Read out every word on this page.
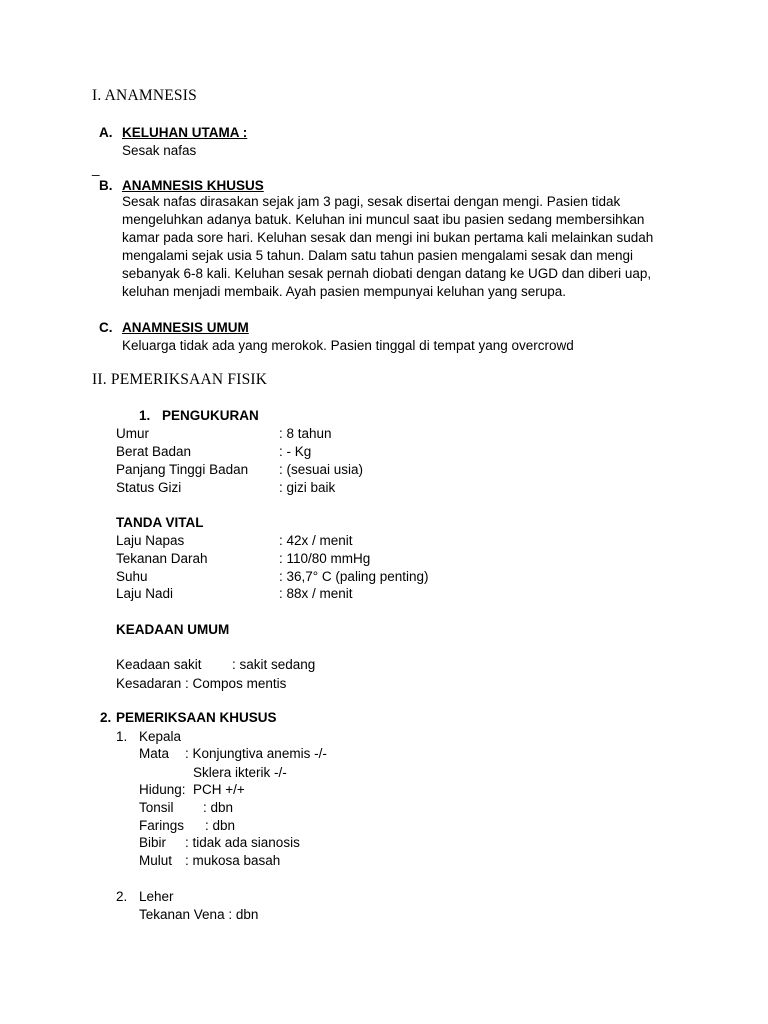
I. ANAMNESIS
A. KELUHAN UTAMA :
Sesak nafas
_
B. ANAMNESIS KHUSUS
Sesak nafas dirasakan sejak jam 3 pagi, sesak disertai dengan mengi. Pasien tidak
mengeluhkan adanya batuk. Keluhan ini muncul saat ibu pasien sedang membersihkan
kamar pada sore hari. Keluhan sesak dan mengi ini bukan pertama kali melainkan sudah
mengalami sejak usia 5 tahun. Dalam satu tahun pasien mengalami sesak dan mengi
sebanyak 6-8 kali. Keluhan sesak pernah diobati dengan datang ke UGD dan diberi uap,
keluhan menjadi membaik. Ayah pasien mempunyai keluhan yang serupa.
C. ANAMNESIS UMUM
Keluarga tidak ada yang merokok. Pasien tinggal di tempat yang overcrowd
II. PEMERIKSAAN FISIK
1. PENGUKURAN
Umur	: 8 tahun
Berat Badan	: - Kg
Panjang Tinggi Badan : (sesuai usia)
Status Gizi	: gizi baik
TANDA VITAL
Laju Napas	: 42x / menit
Tekanan Darah	: 110/80 mmHg
Suhu	: 36,7° C (paling penting)
Laju Nadi	: 88x / menit
KEADAAN UMUM
Keadaan sakit : sakit sedang
Kesadaran : Compos mentis
2. PEMERIKSAAN KHUSUS
1. Kepala
Mata : Konjungtiva anemis -/-
Sklera ikterik -/-
Hidung: PCH +/+
Tonsil : dbn
Farings : dbn
Bibir : tidak ada sianosis
Mulut : mukosa basah
2. Leher
Tekanan Vena : dbn
